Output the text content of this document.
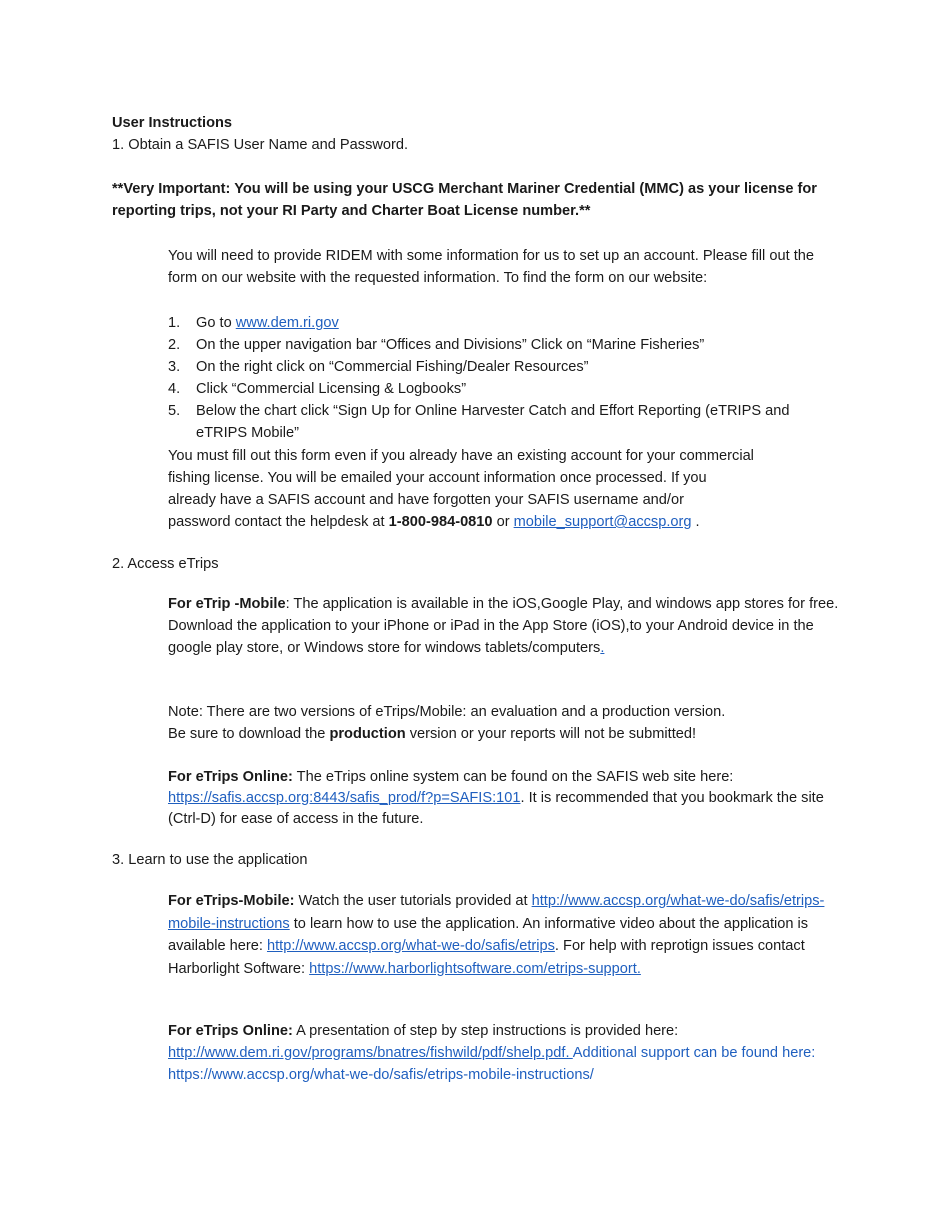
User Instructions

1. Obtain a SAFIS User Name and Password.

**Very Important: You will be using your USCG Merchant Mariner Credential (MMC) as your license for reporting trips, not your RI Party and Charter Boat License number.**

You will need to provide RIDEM with some information for us to set up an account. Please fill out the form on our website with the requested information. To find the form on our website:

1. Go to www.dem.ri.gov
2. On the upper navigation bar “Offices and Divisions” Click on “Marine Fisheries”
3. On the right click on “Commercial Fishing/Dealer Resources”
4. Click “Commercial Licensing & Logbooks”
5. Below the chart click “Sign Up for Online Harvester Catch and Effort Reporting (eTRIPS and eTRIPS Mobile”

You must fill out this form even if you already have an existing account for your commercial

fishing license. You will be emailed your account information once processed. If you

already have a SAFIS account and have forgotten your SAFIS username and/or

password contact the helpdesk at 1-800-984-0810 or mobile_support@accsp.org .

2. Access eTrips

For eTrip -Mobile: The application is available in the iOS,Google Play, and windows app stores for free. Download the application to your iPhone or iPad in the App Store (iOS),to your Android device in the google play store, or Windows store for windows tablets/computers.

Note: There are two versions of eTrips/Mobile: an evaluation and a production version.

Be sure to download the production version or your reports will not be submitted!

For eTrips Online: The eTrips online system can be found on the SAFIS web site here: https://safis.accsp.org:8443/safis_prod/f?p=SAFIS:101. It is recommended that you bookmark the site (Ctrl-D) for ease of access in the future.

3. Learn to use the application

For eTrips-Mobile: Watch the user tutorials provided at http://www.accsp.org/what-we-do/safis/etrips-mobile-instructions to learn how to use the application. An informative video about the application is available here: http://www.accsp.org/what-we-do/safis/etrips. For help with reprotign issues contact Harborlight Software: https://www.harborlightsoftware.com/etrips-support.

For eTrips Online: A presentation of step by step instructions is provided here: http://www.dem.ri.gov/programs/bnatres/fishwild/pdf/shelp.pdf. Additional support can be found here: https://www.accsp.org/what-we-do/safis/etrips-mobile-instructions/
